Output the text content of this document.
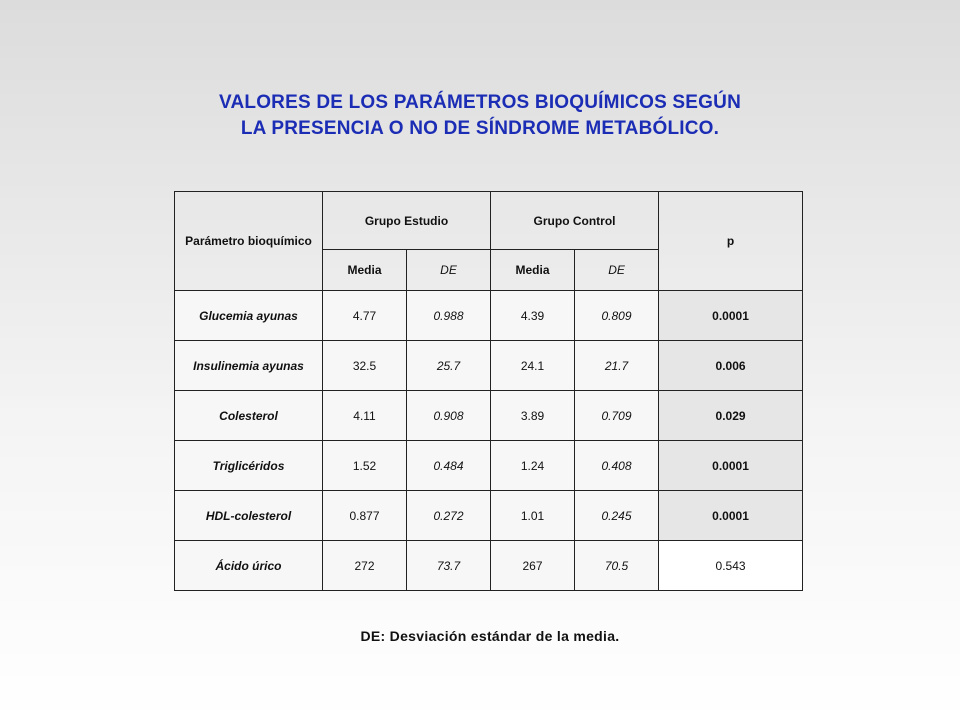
VALORES DE LOS PARÁMETROS BIOQUÍMICOS SEGÚN
LA PRESENCIA O NO DE SÍNDROME METABÓLICO.
Parámetro bioquímico	Grupo Estudio		Grupo Control		p
	Media	DE	Media	DE	
Glucemia ayunas	4.77	0.988	4.39	0.809	0.0001
Insulinemia ayunas	32.5	25.7	24.1	21.7	0.006
Colesterol	4.11	0.908	3.89	0.709	0.029
Triglicéridos	1.52	0.484	1.24	0.408	0.0001
HDL-colesterol	0.877	0.272	1.01	0.245	0.0001
Ácido úrico	272	73.7	267	70.5	0.543
DE: Desviación estándar de la media.
